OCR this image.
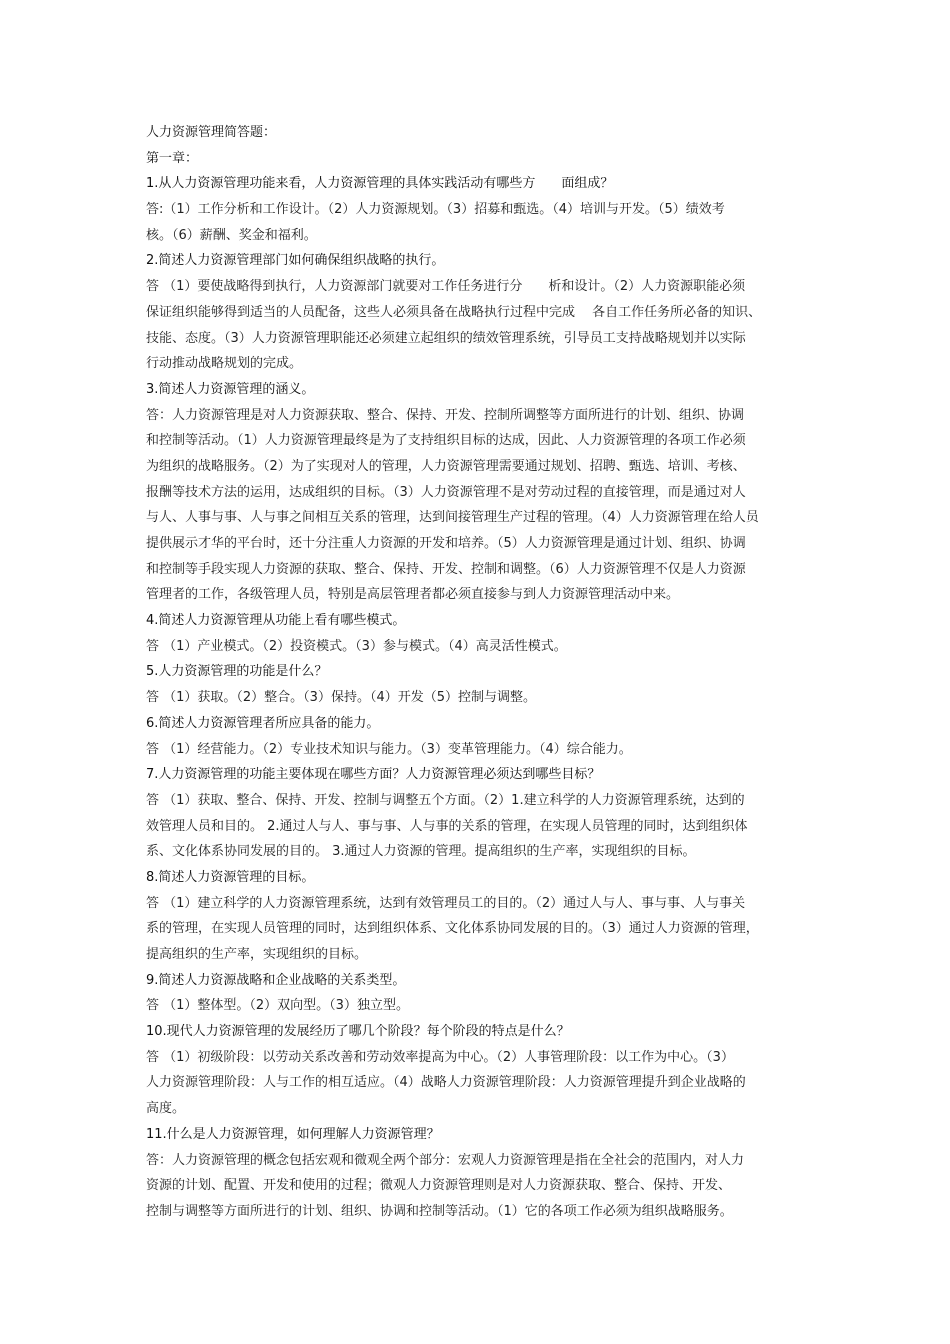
人力资源管理简答题：
第一章：
1.从人力资源管理功能来看，人力资源管理的具体实践活动有哪些方　　面组成？
答:（1）工作分析和工作设计。（2）人力资源规划。（3）招募和甄选。（4）培训与开发。（5）绩效考
核。（6）薪酬、奖金和福利。
2.简述人力资源管理部门如何确保组织战略的执行。
答 （1）要使战略得到执行，人力资源部门就要对工作任务进行分　　析和设计。（2）人力资源职能必须
保证组织能够得到适当的人员配备，这些人必须具备在战略执行过程中完成　 各自工作任务所必备的知识、
技能、态度。（3）人力资源管理职能还必须建立起组织的绩效管理系统，引导员工支持战略规划并以实际
行动推动战略规划的完成。
3.简述人力资源管理的涵义。
答：人力资源管理是对人力资源获取、整合、保持、开发、控制所调整等方面所进行的计划、组织、协调
和控制等活动。（1）人力资源管理最终是为了支持组织目标的达成，因此、人力资源管理的各项工作必须
为组织的战略服务。（2）为了实现对人的管理，人力资源管理需要通过规划、招聘、甄选、培训、考核、
报酬等技术方法的运用，达成组织的目标。（3）人力资源管理不是对劳动过程的直接管理，而是通过对人
与人、人事与事、人与事之间相互关系的管理，达到间接管理生产过程的管理。（4）人力资源管理在给人员
提供展示才华的平台时，还十分注重人力资源的开发和培养。（5）人力资源管理是通过计划、组织、协调
和控制等手段实现人力资源的获取、整合、保持、开发、控制和调整。（6）人力资源管理不仅是人力资源
管理者的工作，各级管理人员，特别是高层管理者都必须直接参与到人力资源管理活动中来。
4.简述人力资源管理从功能上看有哪些模式。
答 （1）产业模式。（2）投资模式。（3）参与模式。（4）高灵活性模式。
5.人力资源管理的功能是什么？
答 （1）获取。（2）整合。（3）保持。（4）开发（5）控制与调整。
6.简述人力资源管理者所应具备的能力。
答 （1）经营能力。（2）专业技术知识与能力。（3）变革管理能力。（4）综合能力。
7.人力资源管理的功能主要体现在哪些方面？人力资源管理必须达到哪些目标？
答 （1）获取、整合、保持、开发、控制与调整五个方面。（2）1.建立科学的人力资源管理系统，达到的
效管理人员和目的。 2.通过人与人、事与事、人与事的关系的管理，在实现人员管理的同时，达到组织体
系、文化体系协同发展的目的。 3.通过人力资源的管理。提高组织的生产率，实现组织的目标。
8.简述人力资源管理的目标。
答 （1）建立科学的人力资源管理系统，达到有效管理员工的目的。（2）通过人与人、事与事、人与事关
系的管理，在实现人员管理的同时，达到组织体系、文化体系协同发展的目的。（3）通过人力资源的管理，
提高组织的生产率，实现组织的目标。
9.简述人力资源战略和企业战略的关系类型。
答 （1）整体型。（2）双向型。（3）独立型。
10.现代人力资源管理的发展经历了哪几个阶段？每个阶段的特点是什么？
答 （1）初级阶段：以劳动关系改善和劳动效率提高为中心。（2）人事管理阶段：以工作为中心。（3）
人力资源管理阶段：人与工作的相互适应。（4）战略人力资源管理阶段：人力资源管理提升到企业战略的
高度。
11.什么是人力资源管理，如何理解人力资源管理？
答：人力资源管理的概念包括宏观和微观全两个部分：宏观人力资源管理是指在全社会的范围内，对人力
资源的计划、配置、开发和使用的过程；微观人力资源管理则是对人力资源获取、整合、保持、开发、
控制与调整等方面所进行的计划、组织、协调和控制等活动。（1）它的各项工作必须为组织战略服务。
